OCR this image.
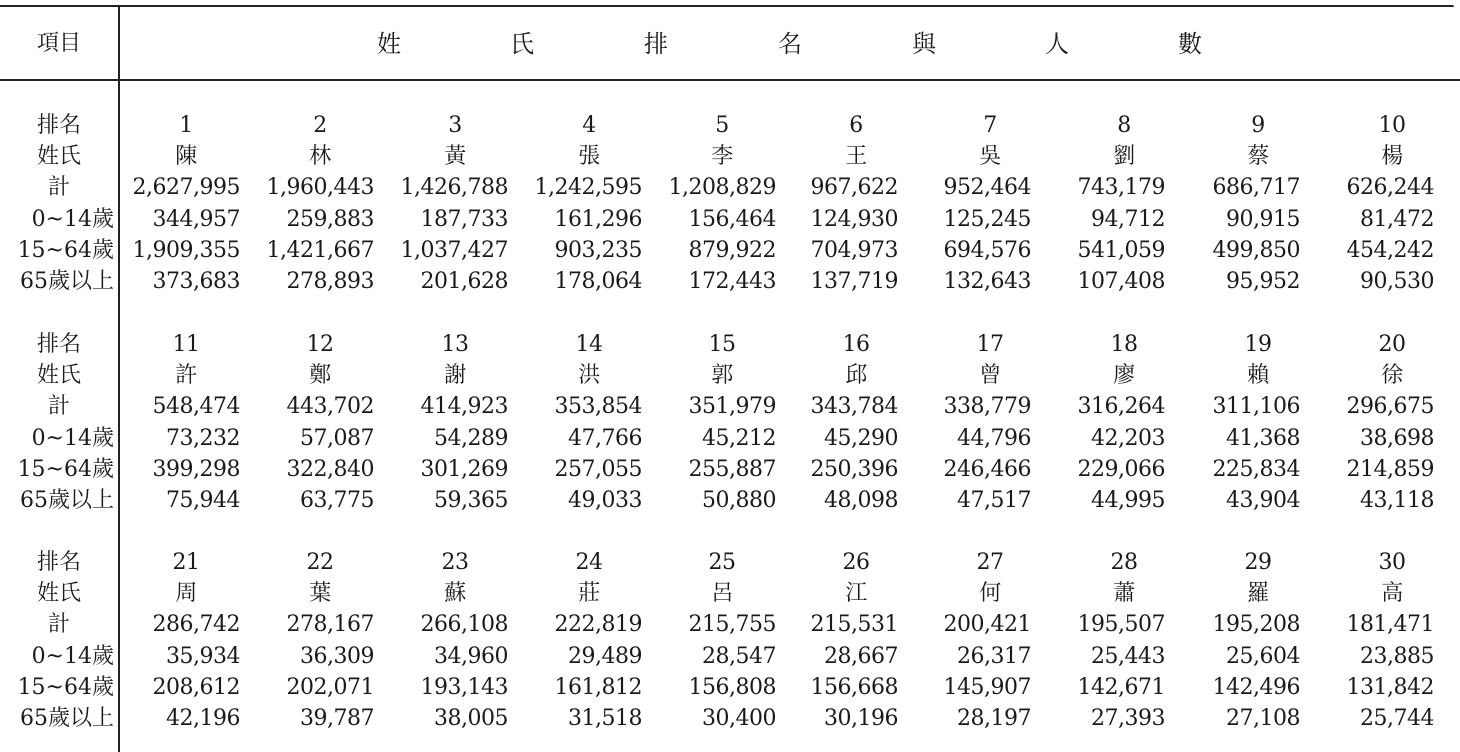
項目	姓	氏	排	名	與	人	數
排名	1	2	3	4	5	6	7	8	9	10
姓氏	陳	林	黃	張	李	王	吳	劉	蔡	楊
計	2,627,995 1,960,443 1,426,788 1,242,595 1,208,829 967,622 952,464 743,179 686,717 626,244
0~14歲 344,957 259,883 187,733 161,296 156,464 124,930 125,245	94,712	90,915	81,472
15~64歲 1,909,355 1,421,667 1,037,427 903,235 879,922 704,973 694,576 541,059 499,850 454,242
65歲以上 373,683 278,893 201,628 178,064 172,443 137,719 132,643 107,408	95,952	90,530
排名	11	12	13	14	15	16	17	18	19	20
姓氏	許	鄭	謝	洪	郭	邱	曾	廖	賴	徐
計	548,474 443,702 414,923 353,854 351,979 343,784 338,779 316,264 311,106 296,675
0~14歲 73,232	57,087	54,289	47,766	45,212 45,290	44,796	42,203	41,368	38,698
15~64歲 399,298 322,840 301,269 257,055 255,887 250,396 246,466 229,066 225,834 214,859
65歲以上 75,944	63,775	59,365	49,033	50,880 48,098	47,517	44,995	43,904	43,118
排名	21	22	23	24	25	26	27	28	29	30
姓氏	周	葉	蘇	莊	呂	江	何	蕭	羅	高
計	286,742 278,167 266,108 222,819 215,755 215,531 200,421 195,507 195,208 181,471
0~14歲 35,934	36,309	34,960	29,489	28,547 28,667	26,317	25,443	25,604	23,885
15~64歲 208,612 202,071 193,143 161,812 156,808 156,668 145,907 142,671 142,496 131,842
65歲以上 42,196	39,787	38,005	31,518	30,400 30,196	28,197	27,393	27,108	25,744
